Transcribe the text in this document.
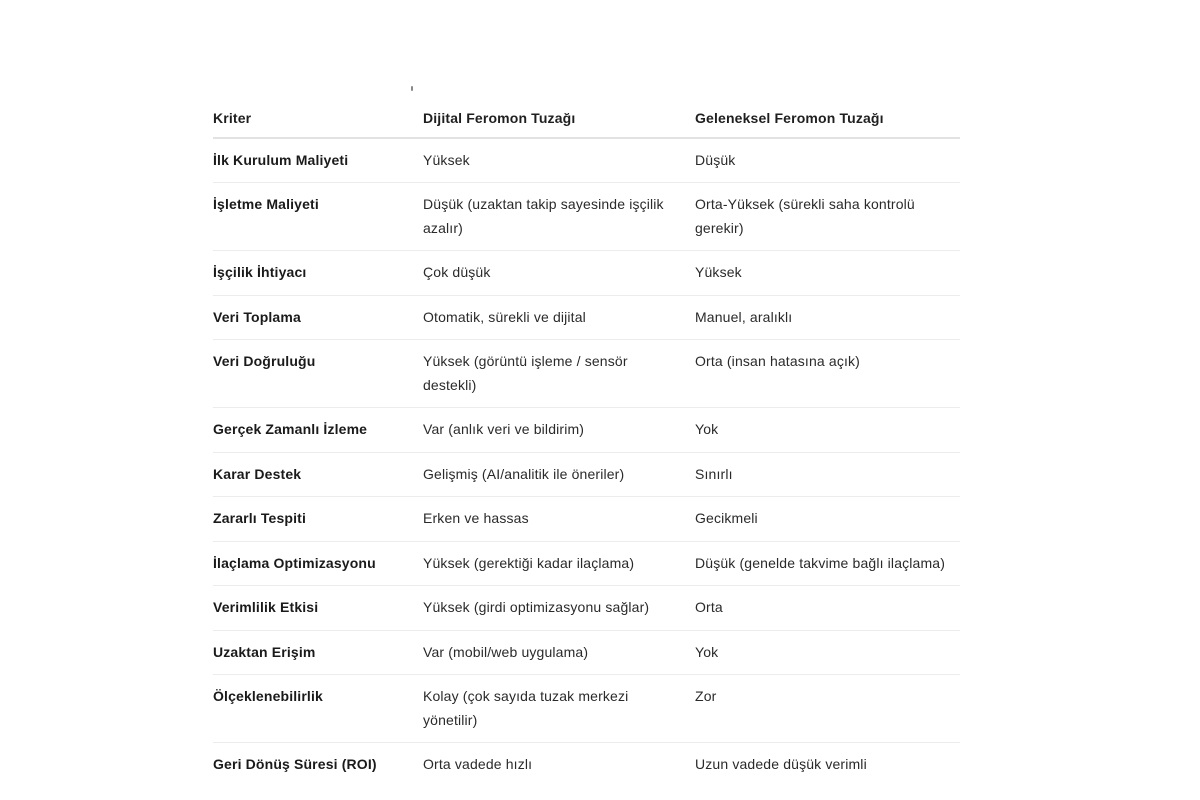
Kriter	Dijital Feromon Tuzağı	Geleneksel Feromon Tuzağı

İlk Kurulum Maliyeti	Yüksek	Düşük

İşletme Maliyeti	Düşük (uzaktan takip sayesinde işçilik azalır)	Orta-Yüksek (sürekli saha kontrolü gerekir)

İşçilik İhtiyacı	Çok düşük	Yüksek

Veri Toplama	Otomatik, sürekli ve dijital	Manuel, aralıklı

Veri Doğruluğu	Yüksek (görüntü işleme / sensör destekli)	Orta (insan hatasına açık)

Gerçek Zamanlı İzleme	Var (anlık veri ve bildirim)	Yok

Karar Destek	Gelişmiş (AI/analitik ile öneriler)	Sınırlı

Zararlı Tespiti	Erken ve hassas	Gecikmeli

İlaçlama Optimizasyonu	Yüksek (gerektiği kadar ilaçlama)	Düşük (genelde takvime bağlı ilaçlama)

Verimlilik Etkisi	Yüksek (girdi optimizasyonu sağlar)	Orta

Uzaktan Erişim	Var (mobil/web uygulama)	Yok

Ölçeklenebilirlik	Kolay (çok sayıda tuzak merkezi yönetilir)	Zor

Geri Dönüş Süresi (ROI)	Orta vadede hızlı	Uzun vadede düşük verimli
